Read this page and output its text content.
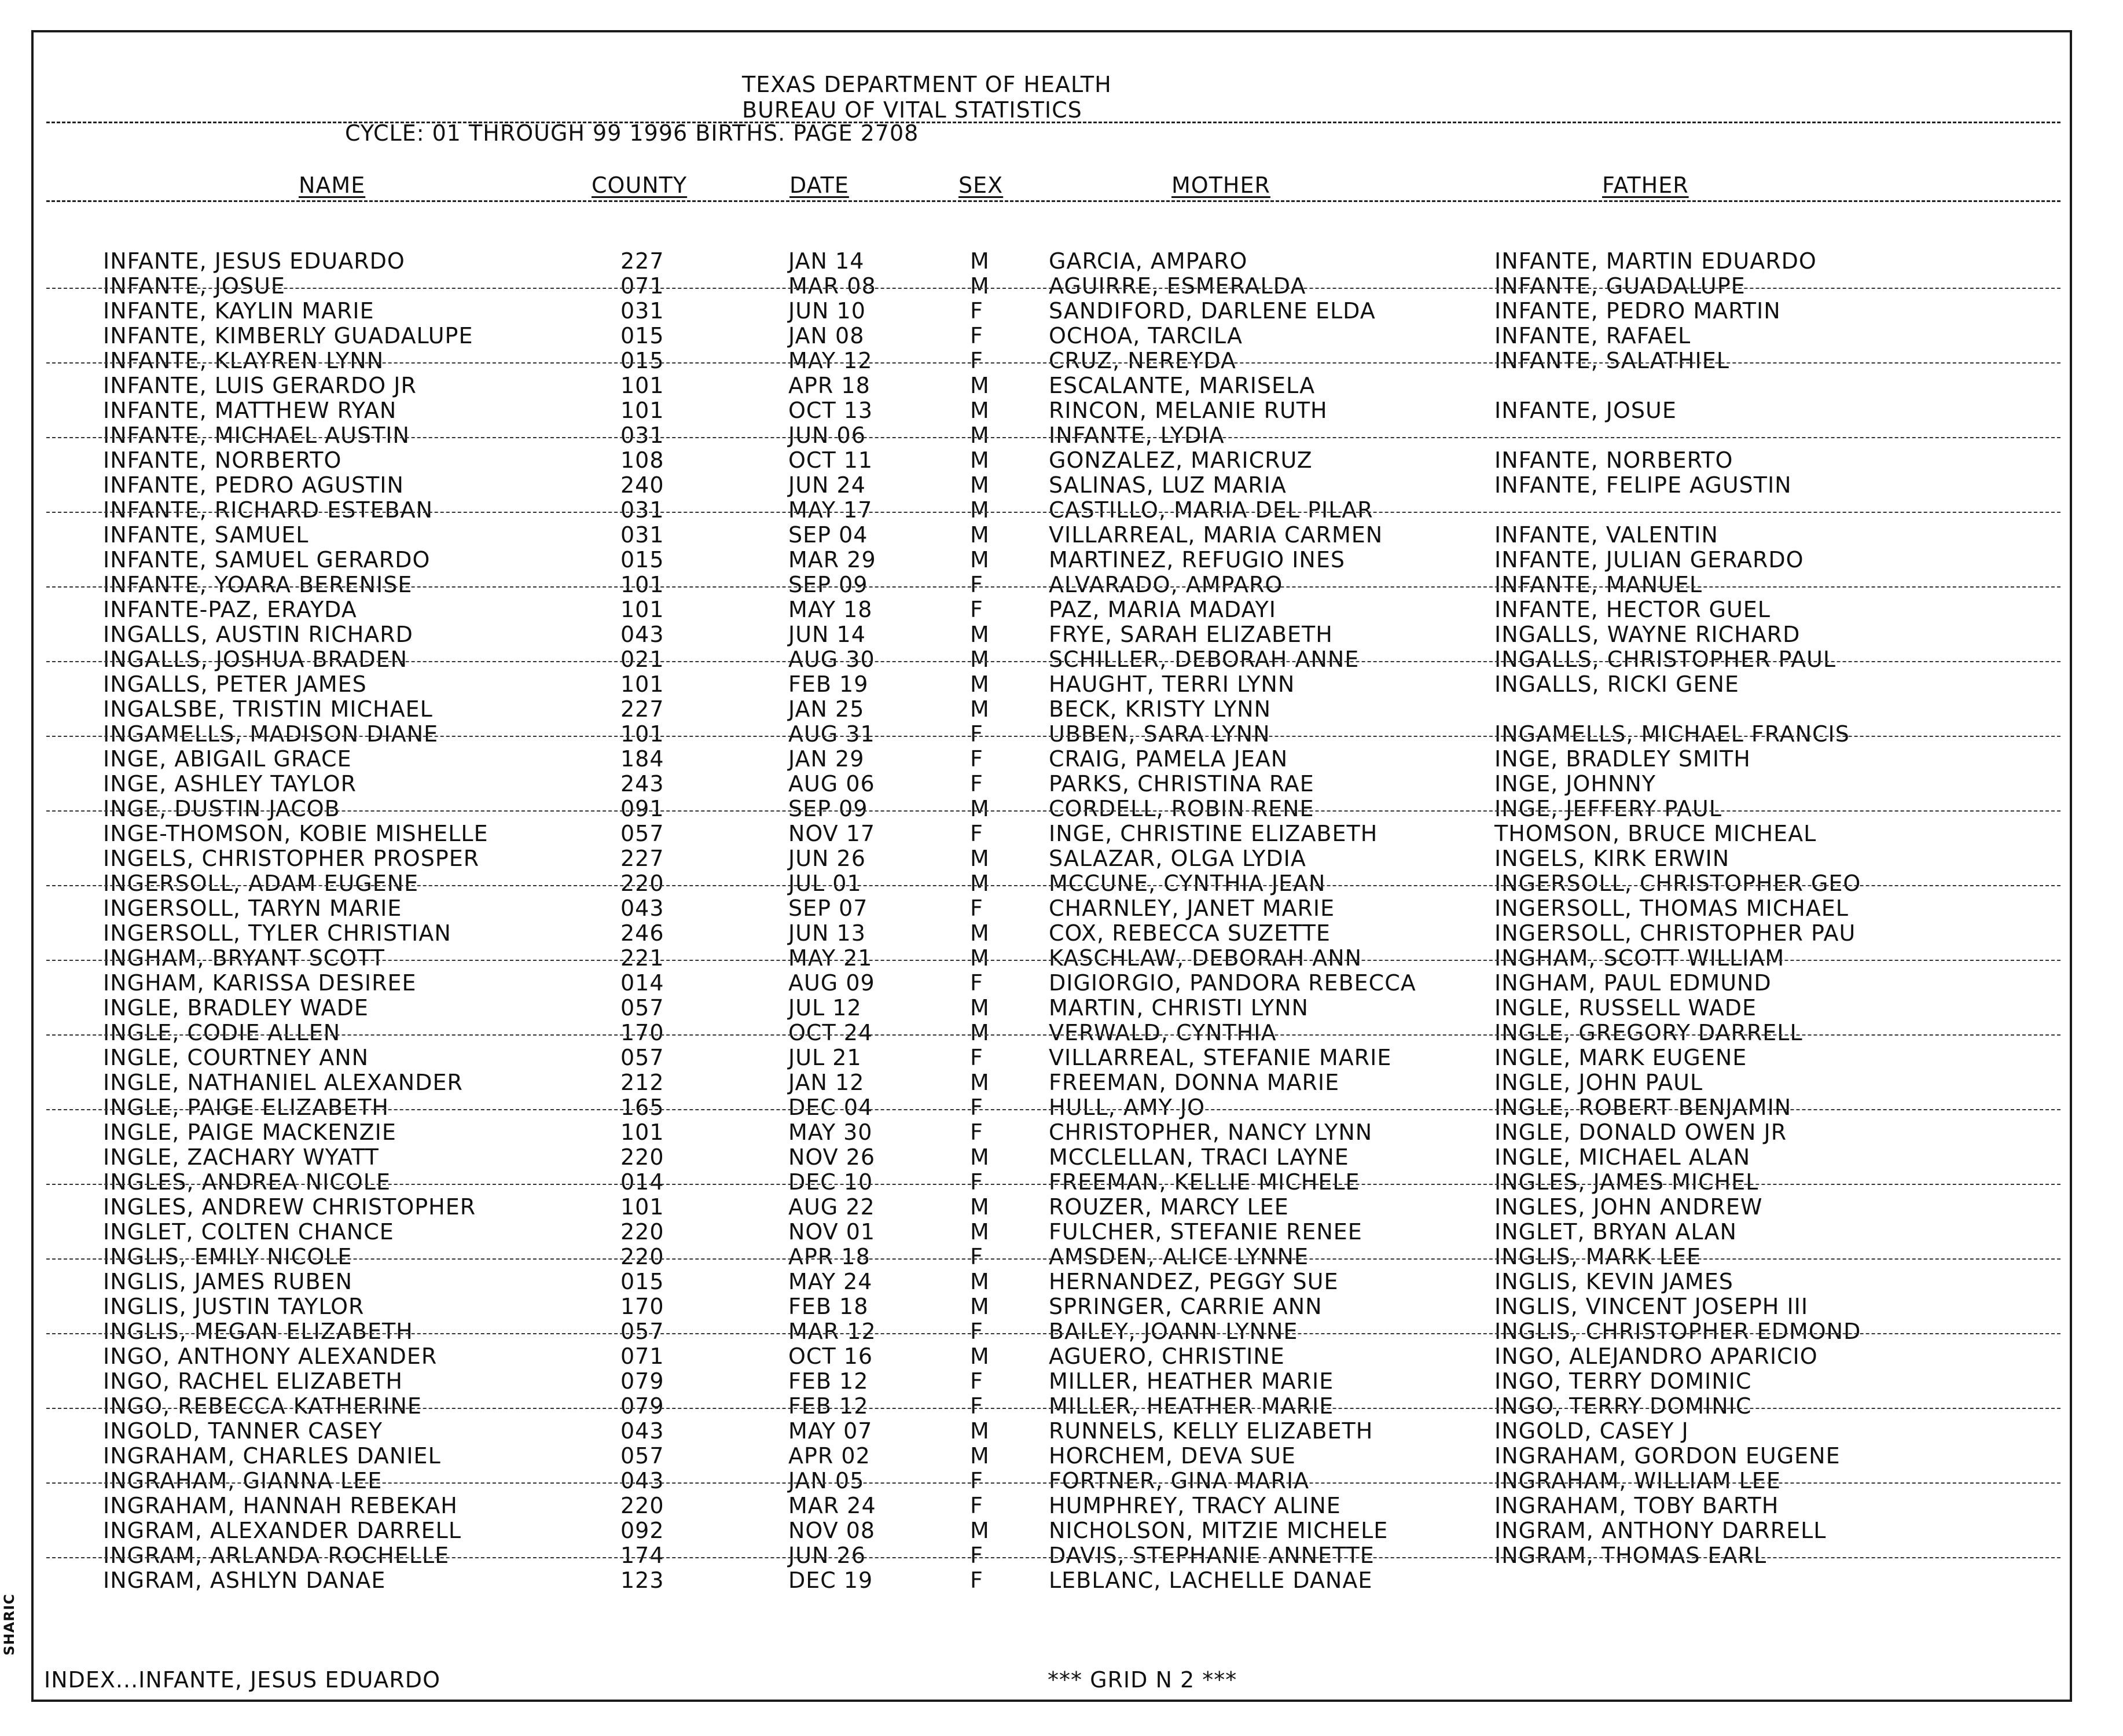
SHARIC
TEXAS DEPARTMENT OF HEALTH
BUREAU OF VITAL STATISTICS
CYCLE: 01 THROUGH 99 1996 BIRTHS. PAGE 2708
NAME	COUNTY	DATE	SEX	MOTHER	FATHER
INFANTE, JESUS EDUARDO	227	JAN 14	M	GARCIA, AMPARO	INFANTE, MARTIN EDUARDO
INFANTE, JOSUE	071	MAR 08	M	AGUIRRE, ESMERALDA	INFANTE, GUADALUPE
INFANTE, KAYLIN MARIE	031	JUN 10	F	SANDIFORD, DARLENE ELDA	INFANTE, PEDRO MARTIN
INFANTE, KIMBERLY GUADALUPE	015	JAN 08	F	OCHOA, TARCILA	INFANTE, RAFAEL
INFANTE, KLAYREN LYNN	015	MAY 12	F	CRUZ, NEREYDA	INFANTE, SALATHIEL
INFANTE, LUIS GERARDO JR	101	APR 18	M	ESCALANTE, MARISELA
INFANTE, MATTHEW RYAN	101	OCT 13	M	RINCON, MELANIE RUTH	INFANTE, JOSUE
INFANTE, MICHAEL AUSTIN	031	JUN 06	M	INFANTE, LYDIA
INFANTE, NORBERTO	108	OCT 11	M	GONZALEZ, MARICRUZ	INFANTE, NORBERTO
INFANTE, PEDRO AGUSTIN	240	JUN 24	M	SALINAS, LUZ MARIA	INFANTE, FELIPE AGUSTIN
INFANTE, RICHARD ESTEBAN	031	MAY 17	M	CASTILLO, MARIA DEL PILAR
INFANTE, SAMUEL	031	SEP 04	M	VILLARREAL, MARIA CARMEN	INFANTE, VALENTIN
INFANTE, SAMUEL GERARDO	015	MAR 29	M	MARTINEZ, REFUGIO INES	INFANTE, JULIAN GERARDO
INFANTE, YOARA BERENISE	101	SEP 09	F	ALVARADO, AMPARO	INFANTE, MANUEL
INFANTE-PAZ, ERAYDA	101	MAY 18	F	PAZ, MARIA MADAYI	INFANTE, HECTOR GUEL
INGALLS, AUSTIN RICHARD	043	JUN 14	M	FRYE, SARAH ELIZABETH	INGALLS, WAYNE RICHARD
INGALLS, JOSHUA BRADEN	021	AUG 30	M	SCHILLER, DEBORAH ANNE	INGALLS, CHRISTOPHER PAUL
INGALLS, PETER JAMES	101	FEB 19	M	HAUGHT, TERRI LYNN	INGALLS, RICKI GENE
INGALSBE, TRISTIN MICHAEL	227	JAN 25	M	BECK, KRISTY LYNN
INGAMELLS, MADISON DIANE	101	AUG 31	F	UBBEN, SARA LYNN	INGAMELLS, MICHAEL FRANCIS
INGE, ABIGAIL GRACE	184	JAN 29	F	CRAIG, PAMELA JEAN	INGE, BRADLEY SMITH
INGE, ASHLEY TAYLOR	243	AUG 06	F	PARKS, CHRISTINA RAE	INGE, JOHNNY
INGE, DUSTIN JACOB	091	SEP 09	M	CORDELL, ROBIN RENE	INGE, JEFFERY PAUL
INGE-THOMSON, KOBIE MISHELLE	057	NOV 17	F	INGE, CHRISTINE ELIZABETH	THOMSON, BRUCE MICHEAL
INGELS, CHRISTOPHER PROSPER	227	JUN 26	M	SALAZAR, OLGA LYDIA	INGELS, KIRK ERWIN
INGERSOLL, ADAM EUGENE	220	JUL 01	M	MCCUNE, CYNTHIA JEAN	INGERSOLL, CHRISTOPHER GEO
INGERSOLL, TARYN MARIE	043	SEP 07	F	CHARNLEY, JANET MARIE	INGERSOLL, THOMAS MICHAEL
INGERSOLL, TYLER CHRISTIAN	246	JUN 13	M	COX, REBECCA SUZETTE	INGERSOLL, CHRISTOPHER PAU
INGHAM, BRYANT SCOTT	221	MAY 21	M	KASCHLAW, DEBORAH ANN	INGHAM, SCOTT WILLIAM
INGHAM, KARISSA DESIREE	014	AUG 09	F	DIGIORGIO, PANDORA REBECCA	INGHAM, PAUL EDMUND
INGLE, BRADLEY WADE	057	JUL 12	M	MARTIN, CHRISTI LYNN	INGLE, RUSSELL WADE
INGLE, CODIE ALLEN	170	OCT 24	M	VERWALD, CYNTHIA	INGLE, GREGORY DARRELL
INGLE, COURTNEY ANN	057	JUL 21	F	VILLARREAL, STEFANIE MARIE	INGLE, MARK EUGENE
INGLE, NATHANIEL ALEXANDER	212	JAN 12	M	FREEMAN, DONNA MARIE	INGLE, JOHN PAUL
INGLE, PAIGE ELIZABETH	165	DEC 04	F	HULL, AMY JO	INGLE, ROBERT BENJAMIN
INGLE, PAIGE MACKENZIE	101	MAY 30	F	CHRISTOPHER, NANCY LYNN	INGLE, DONALD OWEN JR
INGLE, ZACHARY WYATT	220	NOV 26	M	MCCLELLAN, TRACI LAYNE	INGLE, MICHAEL ALAN
INGLES, ANDREA NICOLE	014	DEC 10	F	FREEMAN, KELLIE MICHELE	INGLES, JAMES MICHEL
INGLES, ANDREW CHRISTOPHER	101	AUG 22	M	ROUZER, MARCY LEE	INGLES, JOHN ANDREW
INGLET, COLTEN CHANCE	220	NOV 01	M	FULCHER, STEFANIE RENEE	INGLET, BRYAN ALAN
INGLIS, EMILY NICOLE	220	APR 18	F	AMSDEN, ALICE LYNNE	INGLIS, MARK LEE
INGLIS, JAMES RUBEN	015	MAY 24	M	HERNANDEZ, PEGGY SUE	INGLIS, KEVIN JAMES
INGLIS, JUSTIN TAYLOR	170	FEB 18	M	SPRINGER, CARRIE ANN	INGLIS, VINCENT JOSEPH III
INGLIS, MEGAN ELIZABETH	057	MAR 12	F	BAILEY, JOANN LYNNE	INGLIS, CHRISTOPHER EDMOND
INGO, ANTHONY ALEXANDER	071	OCT 16	M	AGUERO, CHRISTINE	INGO, ALEJANDRO APARICIO
INGO, RACHEL ELIZABETH	079	FEB 12	F	MILLER, HEATHER MARIE	INGO, TERRY DOMINIC
INGO, REBECCA KATHERINE	079	FEB 12	F	MILLER, HEATHER MARIE	INGO, TERRY DOMINIC
INGOLD, TANNER CASEY	043	MAY 07	M	RUNNELS, KELLY ELIZABETH	INGOLD, CASEY J
INGRAHAM, CHARLES DANIEL	057	APR 02	M	HORCHEM, DEVA SUE	INGRAHAM, GORDON EUGENE
INGRAHAM, GIANNA LEE	043	JAN 05	F	FORTNER, GINA MARIA	INGRAHAM, WILLIAM LEE
INGRAHAM, HANNAH REBEKAH	220	MAR 24	F	HUMPHREY, TRACY ALINE	INGRAHAM, TOBY BARTH
INGRAM, ALEXANDER DARRELL	092	NOV 08	M	NICHOLSON, MITZIE MICHELE	INGRAM, ANTHONY DARRELL
INGRAM, ARLANDA ROCHELLE	174	JUN 26	F	DAVIS, STEPHANIE ANNETTE	INGRAM, THOMAS EARL
INGRAM, ASHLYN DANAE	123	DEC 19	F	LEBLANC, LACHELLE DANAE
INDEX...INFANTE, JESUS EDUARDO	*** GRID N 2 ***
